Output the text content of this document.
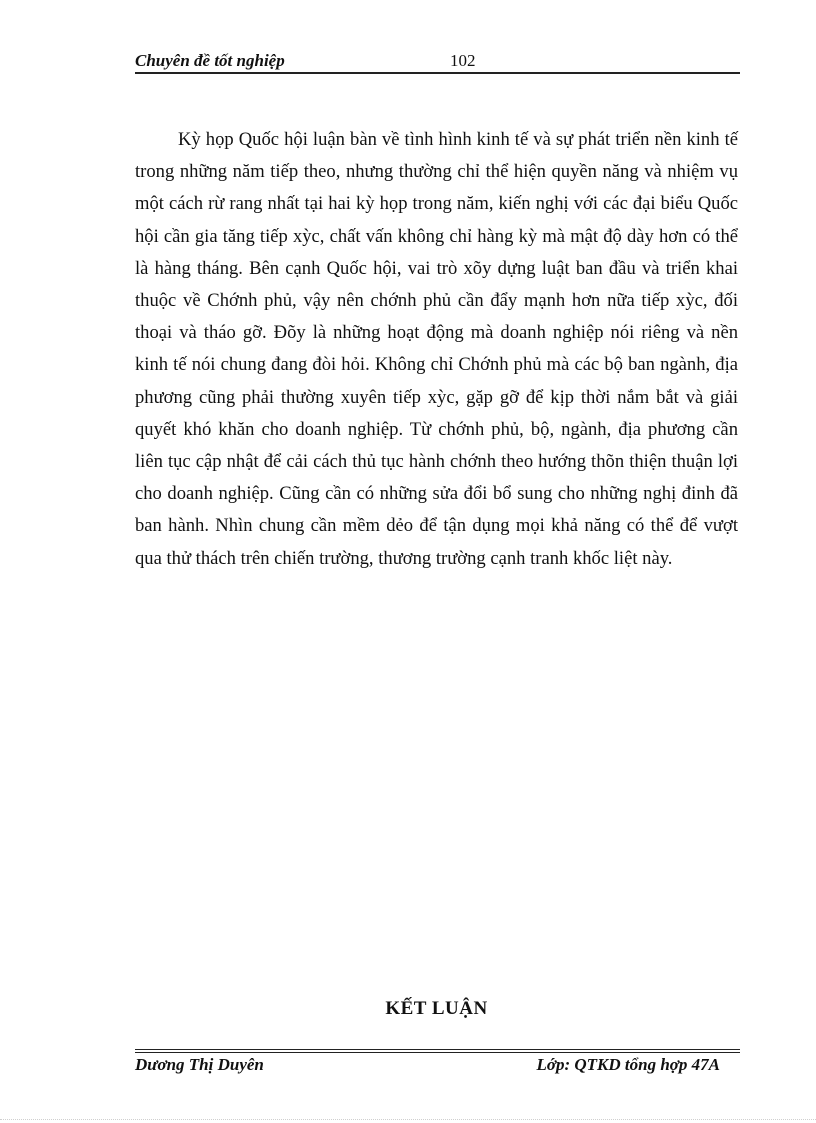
Chuyên đề tốt nghiệp	102

Kỳ họp Quốc hội luận bàn về tình hình kinh tế và sự phát triển nền kinh tế trong những năm tiếp theo, nhưng thường chỉ thể hiện quyền năng và nhiệm vụ một cách rừ rang nhất tại hai kỳ họp trong năm, kiến nghị với các đại biểu Quốc hội cần gia tăng tiếp xỳc, chất vấn không chỉ hàng kỳ mà mật độ dày hơn có thể là hàng tháng. Bên cạnh Quốc hội, vai trò xõy dựng luật ban đầu và triển khai thuộc về Chớnh phủ, vậy nên chớnh phủ cần đẩy mạnh hơn nữa tiếp xỳc, đối thoại và tháo gỡ. Đõy là những hoạt động mà doanh nghiệp nói riêng và nền kinh tế nói chung đang đòi hỏi. Không chỉ Chớnh phủ mà các bộ ban ngành, địa phương cũng phải thường xuyên tiếp xỳc, gặp gỡ để kịp thời nắm bắt và giải quyết khó khăn cho doanh nghiệp. Từ chớnh phủ, bộ, ngành, địa phương cần liên tục cập nhật để cải cách thủ tục hành chớnh theo hướng thõn thiện thuận lợi cho doanh nghiệp. Cũng cần có những sửa đổi bổ sung cho những nghị đinh đã ban hành. Nhìn chung cần mềm dẻo để tận dụng mọi khả năng có thể để vượt qua thử thách trên chiến trường, thương trường cạnh tranh khốc liệt này.

KẾT LUẬN
Dương Thị Duyên	Lớp: QTKD tổng hợp 47A
